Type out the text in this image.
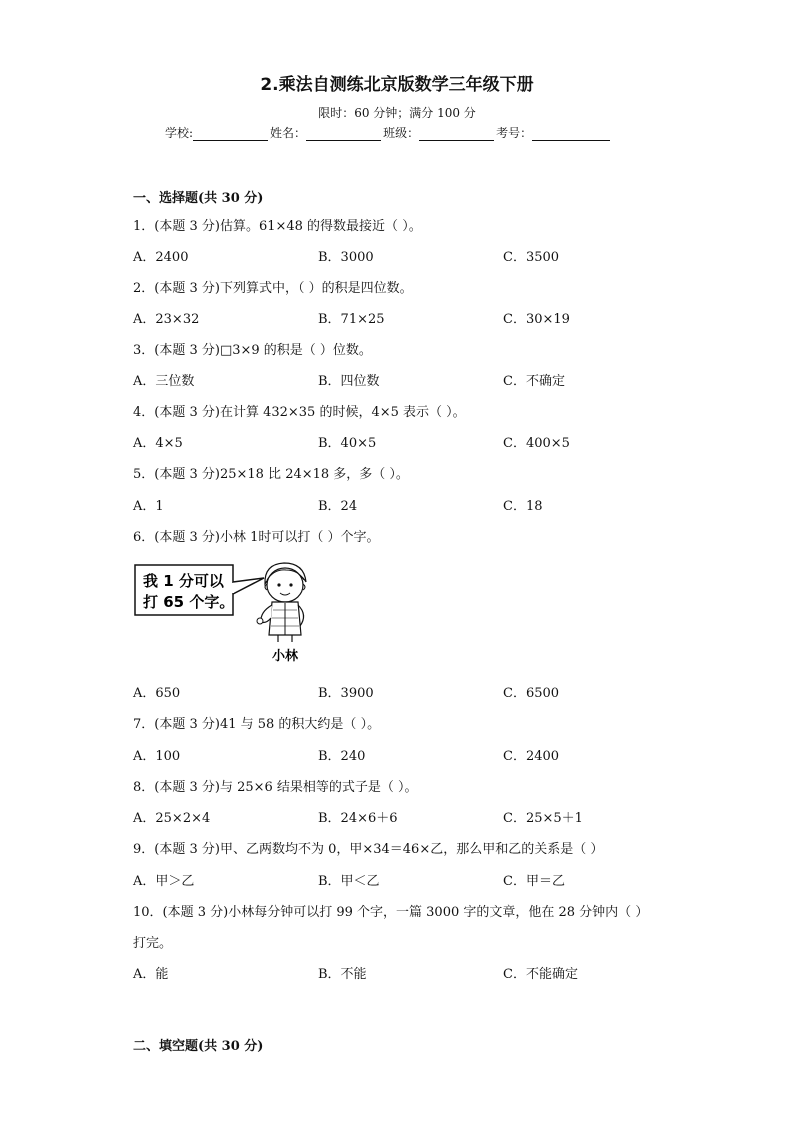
2.乘法自测练北京版数学三年级下册
限时：60 分钟；满分 100 分
学校:	姓名：	班级：	考号：
一、选择题(共 30 分)
1．(本题 3 分)估算。61×48 的得数最接近（ ）。
A．2400	B．3000	C．3500
2．(本题 3 分)下列算式中，（ ）的积是四位数。
A．23×32	B．71×25	C．30×19
3．(本题 3 分)□3×9 的积是（ ）位数。
A．三位数	B．四位数	C．不确定
4．(本题 3 分)在计算 432×35 的时候，4×5 表示（ ）。
A．4×5	B．40×5	C．400×5
5．(本题 3 分)25×18 比 24×18 多，多（ ）。
A．1	B．24	C．18
6．(本题 3 分)小林 1时可以打（ ）个字。
我 1 分可以
打 65 个字。
小林
A．650	B．3900	C．6500
7．(本题 3 分)41 与 58 的积大约是（ ）。
A．100	B．240	C．2400
8．(本题 3 分)与 25×6 结果相等的式子是（ ）。
A．25×2×4	B．24×6＋6	C．25×5＋1
9．(本题 3 分)甲、乙两数均不为 0，甲×34＝46×乙，那么甲和乙的关系是（ ）
A．甲＞乙	B．甲＜乙	C．甲＝乙
10．(本题 3 分)小林每分钟可以打 99 个字，一篇 3000 字的文章，他在 28 分钟内（ ）
打完。
A．能	B．不能	C．不能确定
二、填空题(共 30 分)
